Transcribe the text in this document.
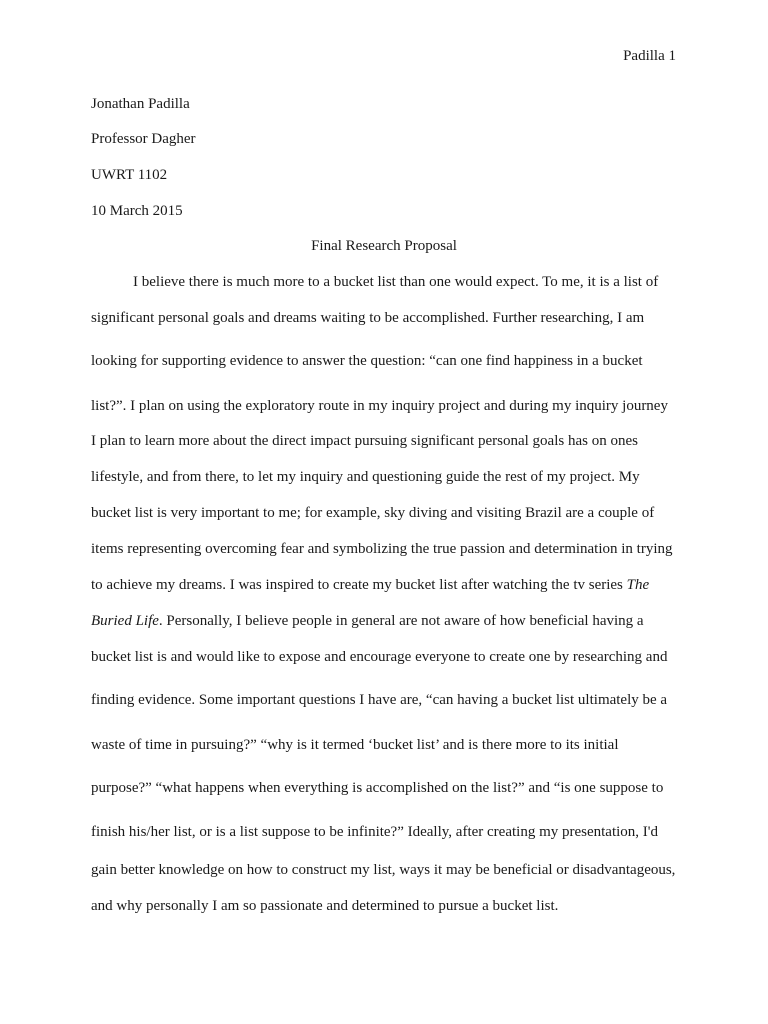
Padilla 1
Jonathan Padilla
Professor Dagher
UWRT 1102
10 March 2015
Final Research Proposal
I believe there is much more to a bucket list than one would expect. To me, it is a list of
significant personal goals and dreams waiting to be accomplished. Further researching, I am
looking for supporting evidence to answer the question: “can one find happiness in a bucket
list?”. I plan on using the exploratory route in my inquiry project and during my inquiry journey
I plan to learn more about the direct impact pursuing significant personal goals has on ones
lifestyle, and from there, to let my inquiry and questioning guide the rest of my project. My
bucket list is very important to me; for example, sky diving and visiting Brazil are a couple of
items representing overcoming fear and symbolizing the true passion and determination in trying
to achieve my dreams. I was inspired to create my bucket list after watching the tv series The
Buried Life. Personally, I believe people in general are not aware of how beneficial having a
bucket list is and would like to expose and encourage everyone to create one by researching and
finding evidence. Some important questions I have are, “can having a bucket list ultimately be a
waste of time in pursuing?” “why is it termed ‘bucket list’ and is there more to its initial
purpose?” “what happens when everything is accomplished on the list?” and “is one suppose to
finish his/her list, or is a list suppose to be infinite?” Ideally, after creating my presentation, I'd
gain better knowledge on how to construct my list, ways it may be beneficial or disadvantageous,
and why personally I am so passionate and determined to pursue a bucket list.
